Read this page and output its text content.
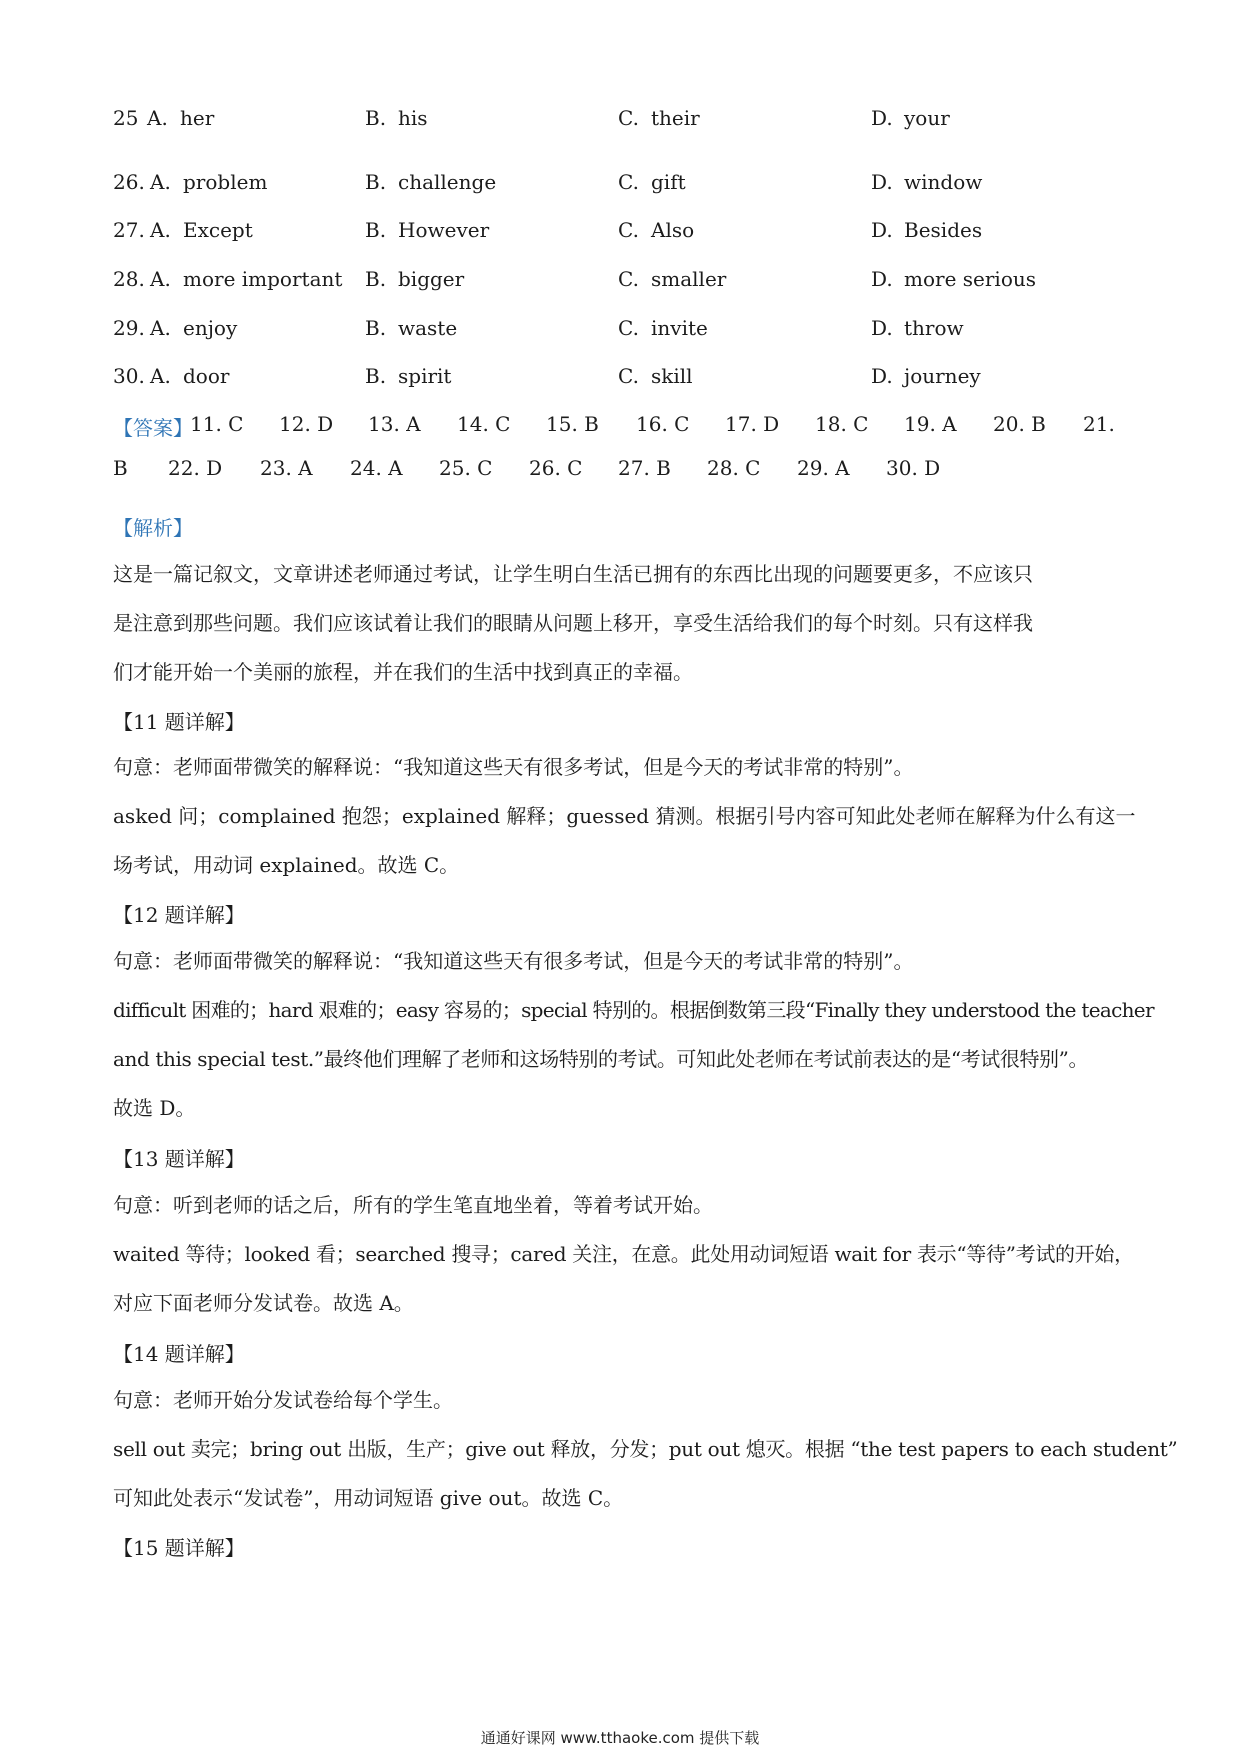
25 A. her	B. his	C. their	D. your
26. A. problem	B. challenge	C. gift	D. window
27. A. Except	B. However	C. Also	D. Besides
28. A. more important B. bigger	C. smaller	D. more serious
29. A. enjoy	B. waste	C. invite	D. throw
30. A. door	B. spirit	C. skill	D. journey
【答案】
11. C 12. D 13. A 14. C 15. B 16. C 17. D 18. C 19. A 20. B 21.
B 22. D 23. A 24. A 25. C 26. C 27. B 28. C 29. A 30. D
【解析】

这是一篇记叙文，文章讲述老师通过考试，让学生明白生活已拥有的东西比出现的问题要更多，不应该只

是注意到那些问题。我们应该试着让我们的眼睛从问题上移开，享受生活给我们的每个时刻。只有这样我

们才能开始一个美丽的旅程，并在我们的生活中找到真正的幸福。

【11 题详解】

句意：老师面带微笑的解释说：“我知道这些天有很多考试，但是今天的考试非常的特别”。

asked 问；complained 抱怨；explained 解释；guessed 猜测。根据引号内容可知此处老师在解释为什么有这一

场考试，用动词 explained。故选 C。

【12 题详解】

句意：老师面带微笑的解释说：“我知道这些天有很多考试，但是今天的考试非常的特别”。

difficult 困难的；hard 艰难的；easy 容易的；special 特别的。根据倒数第三段“Finally they understood the teacher

and this special test.”最终他们理解了老师和这场特别的考试。可知此处老师在考试前表达的是“考试很特别”。

故选 D。

【13 题详解】

句意：听到老师的话之后，所有的学生笔直地坐着，等着考试开始。

waited 等待；looked 看；searched 搜寻；cared 关注，在意。此处用动词短语 wait for 表示“等待”考试的开始，

对应下面老师分发试卷。故选 A。

【14 题详解】

句意：老师开始分发试卷给每个学生。

sell out 卖完；bring out 出版，生产；give out 释放，分发；put out 熄灭。根据 “the test papers to each student”

可知此处表示“发试卷”，用动词短语 give out。故选 C。

【15 题详解】
通通好课网 www.tthaoke.com 提供下载
